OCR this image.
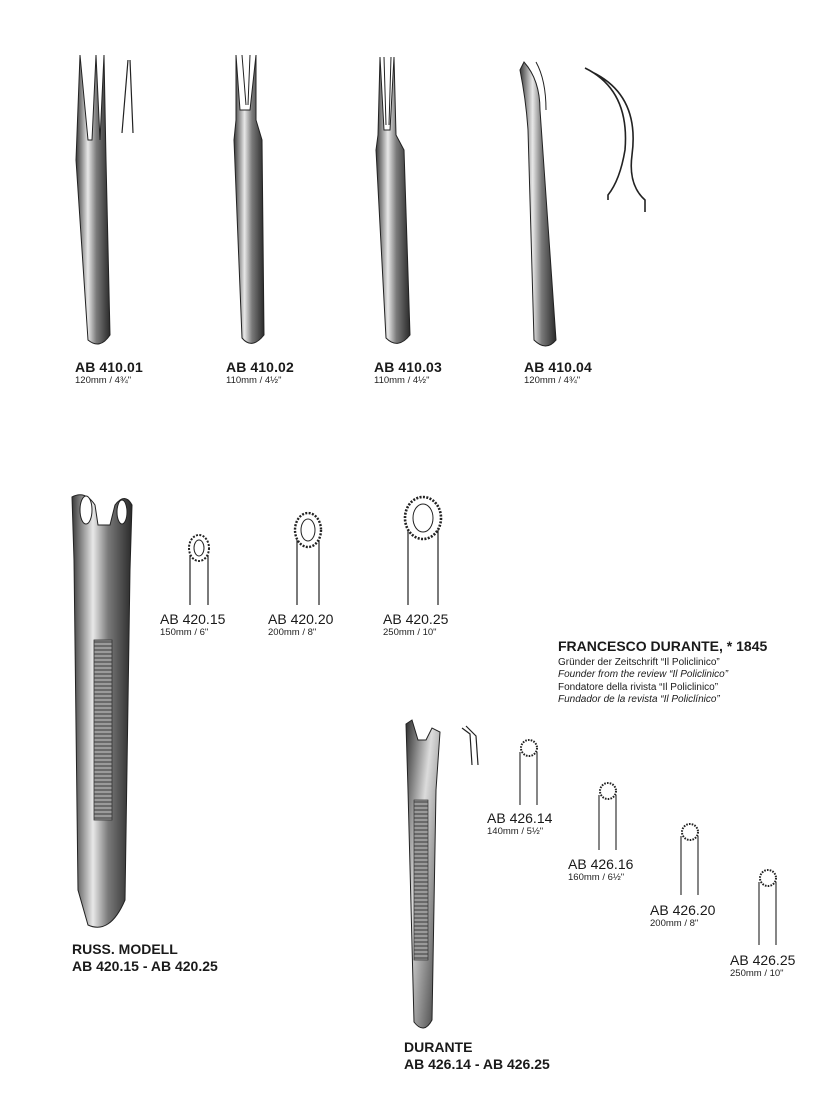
AB 410.01
120mm / 4¾"
AB 410.02
110mm / 4½"
AB 410.03
110mm / 4½"
AB 410.04
120mm / 4¾"
AB 420.15
150mm / 6"
AB 420.20
200mm / 8"
AB 420.25
250mm / 10"
FRANCESCO DURANTE, * 1845
Gründer der Zeitschrift “Il Policlinico”
Founder from the review “Il Policlinico”
Fondatore della rivista “Il Policlinico”
Fundador de la revista “Il Policlínico”
AB 426.14
140mm / 5½"
AB 426.16
160mm / 6½"
AB 426.20
200mm / 8"
AB 426.25
250mm / 10"
RUSS. MODELL
AB 420.15 - AB 420.25
DURANTE
AB 426.14 - AB 426.25
